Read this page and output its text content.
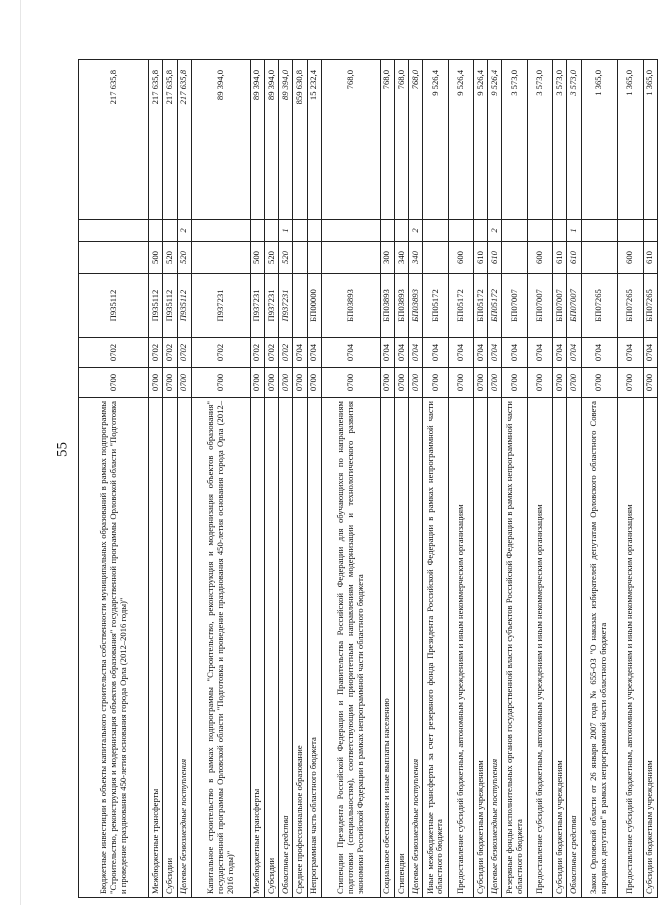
55	Бюджетные инвестиции в объекты капитального строительства собственности муниципальных образований в рамках подпрограммы "Строительство, реконструкция и модернизация объектов образования" государственной программы Орловской области "Подготовка и проведение празднования 450-летия основания города Орла (2012–2016 годы)"	0700	0702	П935112			217 635,8
Межбюджетные трансферты	0700	0702	П935112	500		217 635,8
Субсидии	0700	0702	П935112	520		217 635,8
Целевые безвозмездные поступления	0700	0702	П935112	520	2	217 635,8
Капитальное строительство в рамках подпрограммы "Строительство, реконструкция и модернизация объектов образования" государственной программы Орловской области "Подготовка и проведение празднования 450-летия основания города Орла (2012–2016 годы)"	0700	0702	П937231			89 394,0
Межбюджетные трансферты	0700	0702	П937231	500		89 394,0
Субсидии	0700	0702	П937231	520		89 394,0
Областные средства	0700	0702	П937231	520	1	89 394,0
Среднее профессиональное образование	0700	0704				859 630,8
Непрограммная часть областного бюджета	0700	0704	БП00000			15 232,4
Стипендии Президента Российской Федерации и Правительства Российской Федерации для обучающихся по направлениям подготовки (специальностям), соответствующим приоритетным направлениям модернизации и технологического развития экономики Российской Федерации в рамках непрограммной части областного бюджета	0700	0704	БП03893			768,0
Социальное обеспечение и иные выплаты населению	0700	0704	БП03893	300		768,0
Стипендии	0700	0704	БП03893	340		768,0
Целевые безвозмездные поступления	0700	0704	БП03893	340	2	768,0
Иные межбюджетные трансферты за счет резервного фонда Президента Российской Федерации в рамках непрограммной части областного бюджета	0700	0704	БП05172			9 526,4
Предоставление субсидий бюджетным, автономным учреждениям и иным некоммерческим организациям	0700	0704	БП05172	600		9 526,4
Субсидии бюджетным учреждениям	0700	0704	БП05172	610		9 526,4
Целевые безвозмездные поступления	0700	0704	БП05172	610	2	9 526,4
Резервные фонды исполнительных органов государственной власти субъектов Российской Федерации в рамках непрограммной части областного бюджета	0700	0704	БП07007			3 573,0
Предоставление субсидий бюджетным, автономным учреждениям и иным некоммерческим организациям	0700	0704	БП07007	600		3 573,0
Субсидии бюджетным учреждениям	0700	0704	БП07007	610		3 573,0
Областные средства	0700	0704	БП07007	610	1	3 573,0
Закон Орловской области от 26 января 2007 года № 655-ОЗ "О наказах избирателей депутатам Орловского областного Совета народных депутатов" в рамках непрограммной части областного бюджета	0700	0704	БП07265			1 365,0
Предоставление субсидий бюджетным, автономным учреждениям и иным некоммерческим организациям	0700	0704	БП07265	600		1 365,0
Субсидии бюджетным учреждениям	0700	0704	БП07265	610		1 365,0
